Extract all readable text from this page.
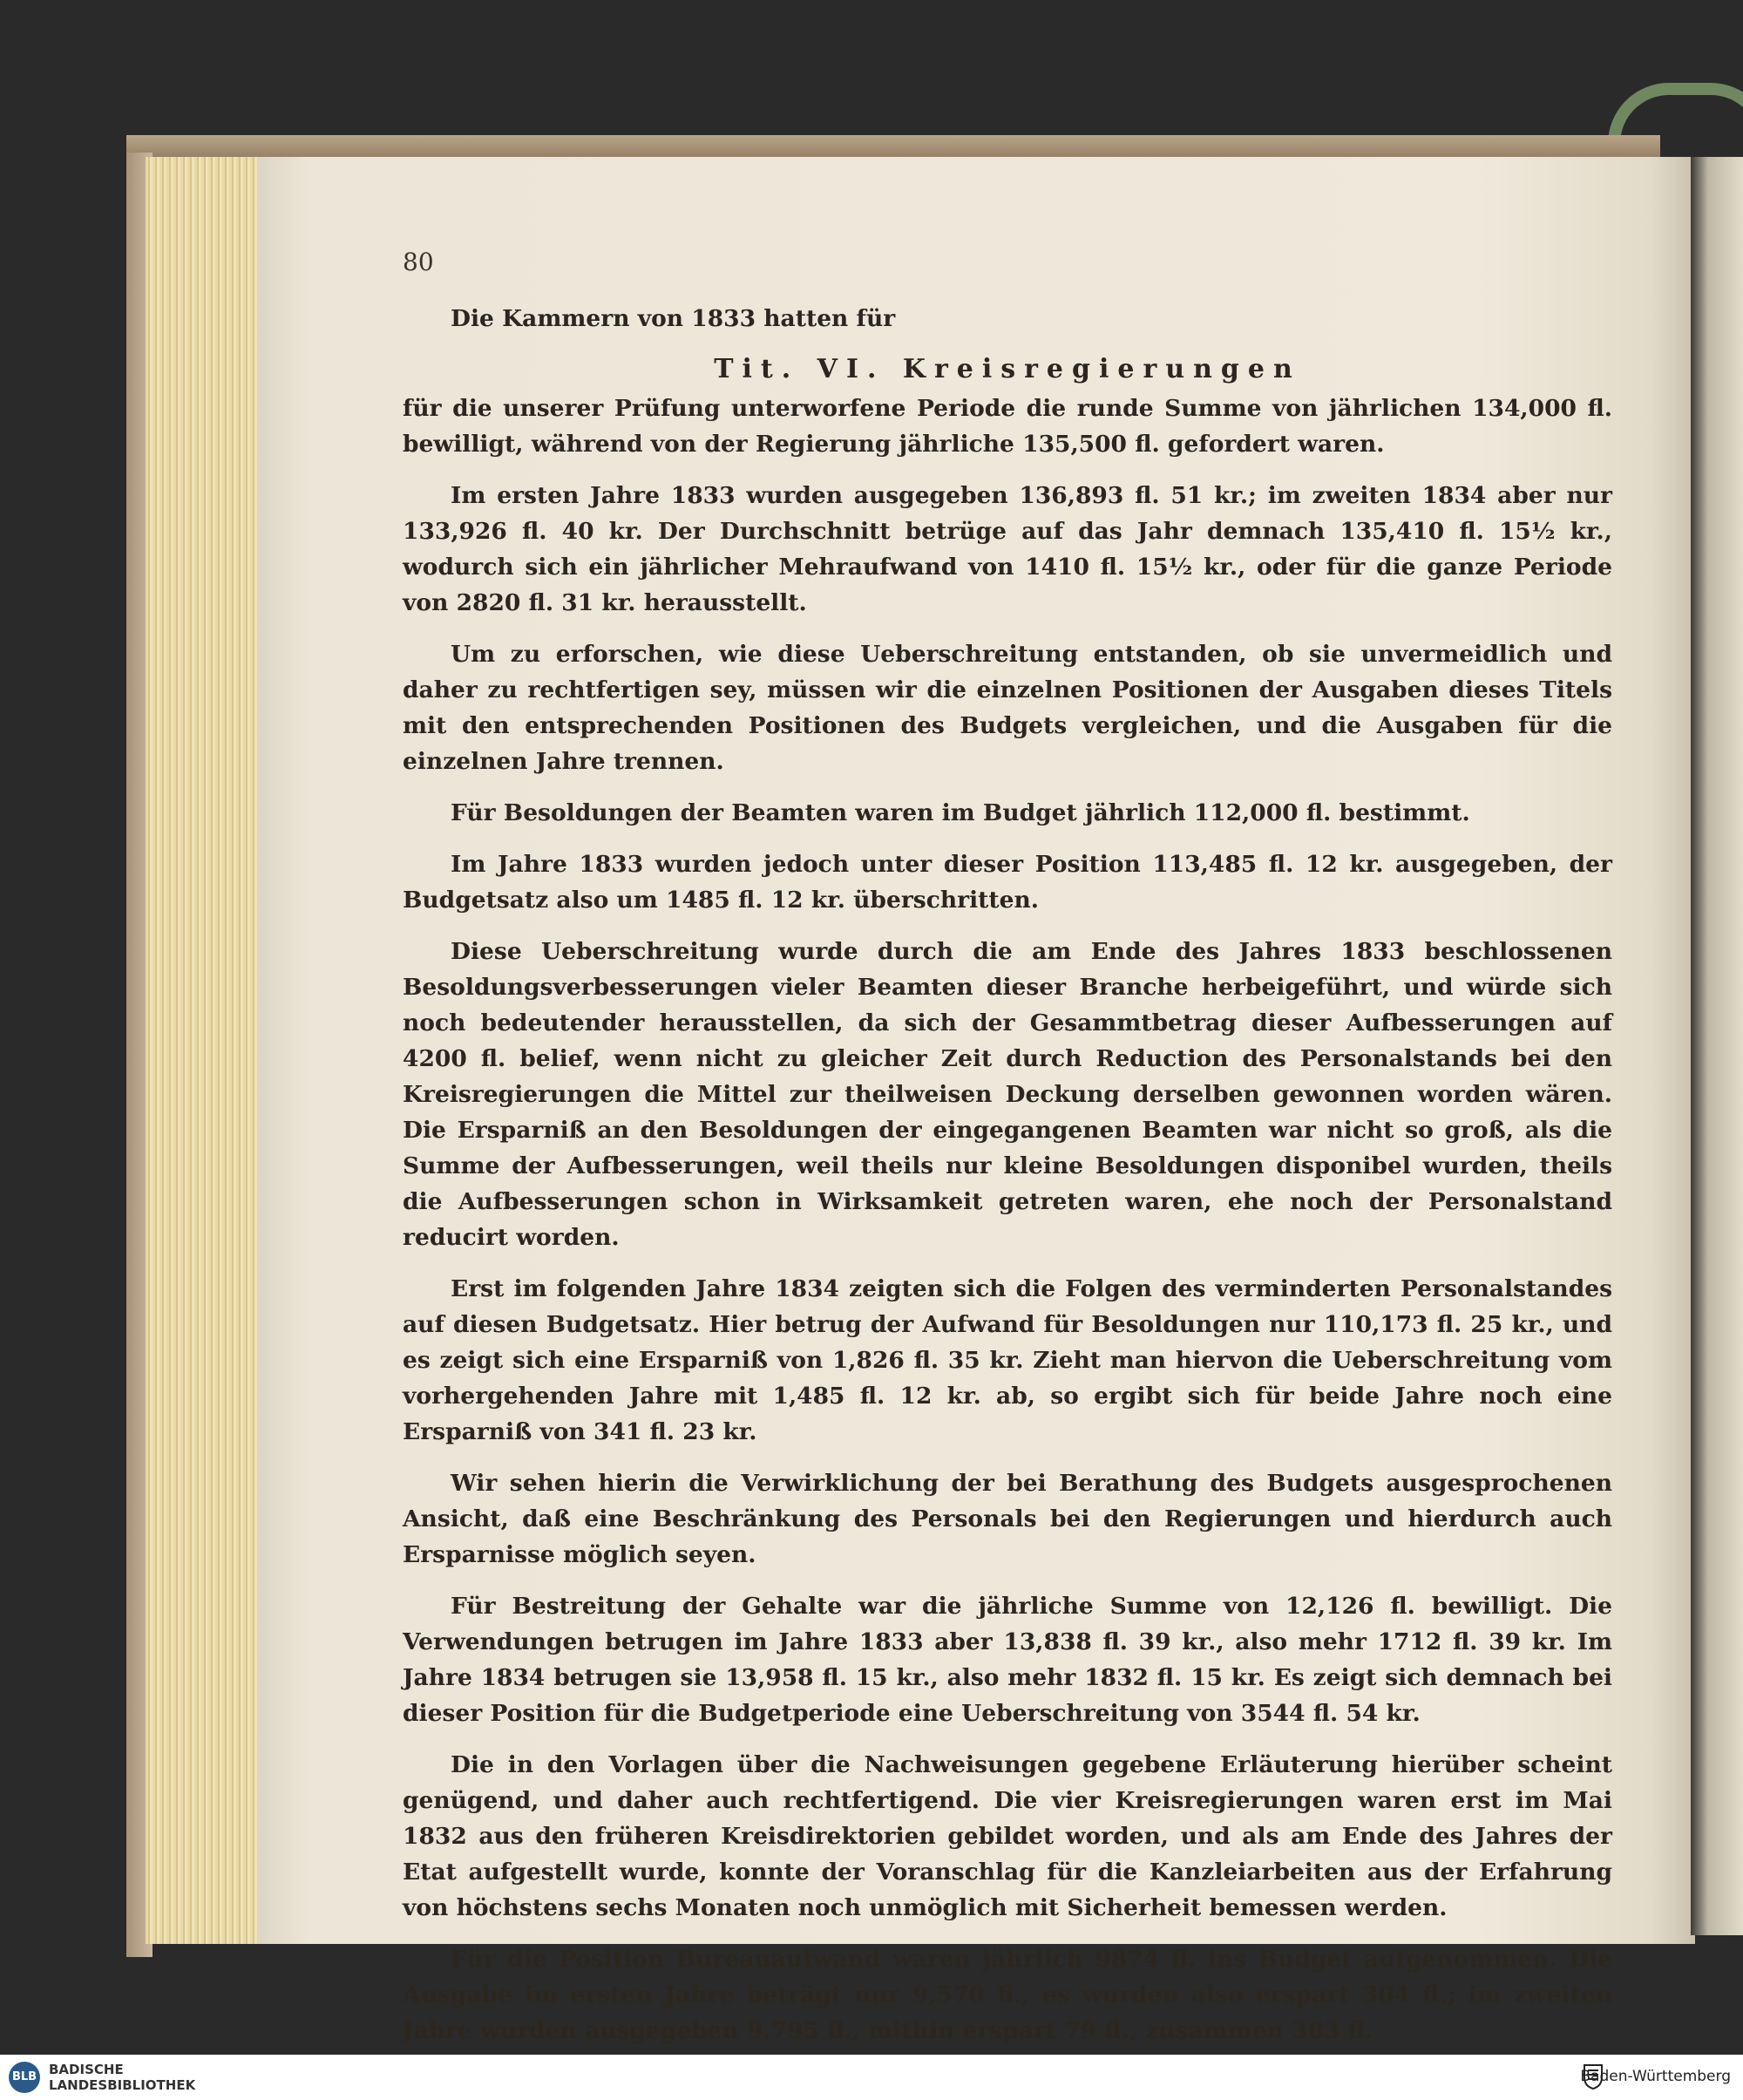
80

Die Kammern von 1833 hatten für

Tit. VI. Kreisregierungen

für die unserer Prüfung unterworfene Periode die runde Summe von jährlichen 134,000 fl. bewilligt, während von der Regierung jährliche 135,500 fl. gefordert waren.

Im ersten Jahre 1833 wurden ausgegeben 136,893 fl. 51 kr.; im zweiten 1834 aber nur 133,926 fl. 40 kr. Der Durchschnitt betrüge auf das Jahr demnach 135,410 fl. 15½ kr., wodurch sich ein jährlicher Mehraufwand von 1410 fl. 15½ kr., oder für die ganze Periode von 2820 fl. 31 kr. herausstellt.

Um zu erforschen, wie diese Ueberschreitung entstanden, ob sie unvermeidlich und daher zu rechtfertigen sey, müssen wir die einzelnen Positionen der Ausgaben dieses Titels mit den entsprechenden Positionen des Budgets vergleichen, und die Ausgaben für die einzelnen Jahre trennen.

Für Besoldungen der Beamten waren im Budget jährlich 112,000 fl. bestimmt.

Im Jahre 1833 wurden jedoch unter dieser Position 113,485 fl. 12 kr. ausgegeben, der Budgetsatz also um 1485 fl. 12 kr. überschritten.

Diese Ueberschreitung wurde durch die am Ende des Jahres 1833 beschlossenen Besoldungsverbesserungen vieler Beamten dieser Branche herbeigeführt, und würde sich noch bedeutender herausstellen, da sich der Gesammtbetrag dieser Aufbesserungen auf 4200 fl. belief, wenn nicht zu gleicher Zeit durch Reduction des Personalstands bei den Kreisregierungen die Mittel zur theilweisen Deckung derselben gewonnen worden wären. Die Ersparniß an den Besoldungen der eingegangenen Beamten war nicht so groß, als die Summe der Aufbesserungen, weil theils nur kleine Besoldungen disponibel wurden, theils die Aufbesserungen schon in Wirksamkeit getreten waren, ehe noch der Personalstand reducirt worden.

Erst im folgenden Jahre 1834 zeigten sich die Folgen des verminderten Personalstandes auf diesen Budgetsatz. Hier betrug der Aufwand für Besoldungen nur 110,173 fl. 25 kr., und es zeigt sich eine Ersparniß von 1,826 fl. 35 kr. Zieht man hiervon die Ueberschreitung vom vorhergehenden Jahre mit 1,485 fl. 12 kr. ab, so ergibt sich für beide Jahre noch eine Ersparniß von 341 fl. 23 kr.

Wir sehen hierin die Verwirklichung der bei Berathung des Budgets ausgesprochenen Ansicht, daß eine Beschränkung des Personals bei den Regierungen und hierdurch auch Ersparnisse möglich seyen.

Für Bestreitung der Gehalte war die jährliche Summe von 12,126 fl. bewilligt. Die Verwendungen betrugen im Jahre 1833 aber 13,838 fl. 39 kr., also mehr 1712 fl. 39 kr. Im Jahre 1834 betrugen sie 13,958 fl. 15 kr., also mehr 1832 fl. 15 kr. Es zeigt sich demnach bei dieser Position für die Budgetperiode eine Ueberschreitung von 3544 fl. 54 kr.

Die in den Vorlagen über die Nachweisungen gegebene Erläuterung hierüber scheint genügend, und daher auch rechtfertigend. Die vier Kreisregierungen waren erst im Mai 1832 aus den früheren Kreisdirektorien gebildet worden, und als am Ende des Jahres der Etat aufgestellt wurde, konnte der Voranschlag für die Kanzleiarbeiten aus der Erfahrung von höchstens sechs Monaten noch unmöglich mit Sicherheit bemessen werden.

Für die Position Bureauaufwand waren jährlich 9874 fl. ins Budget aufgenommen. Die Ausgabe im ersten Jahre beträgt nur 9,570 fl., es wurden also erspart 304 fl.; im zweiten Jahre wurden ausgegeben 9,795 fl., mithin erspart 79 fl., zusammen 383 fl.

BLB BADISCHE
LANDESBIBLIOTHEK	Baden-Württemberg
